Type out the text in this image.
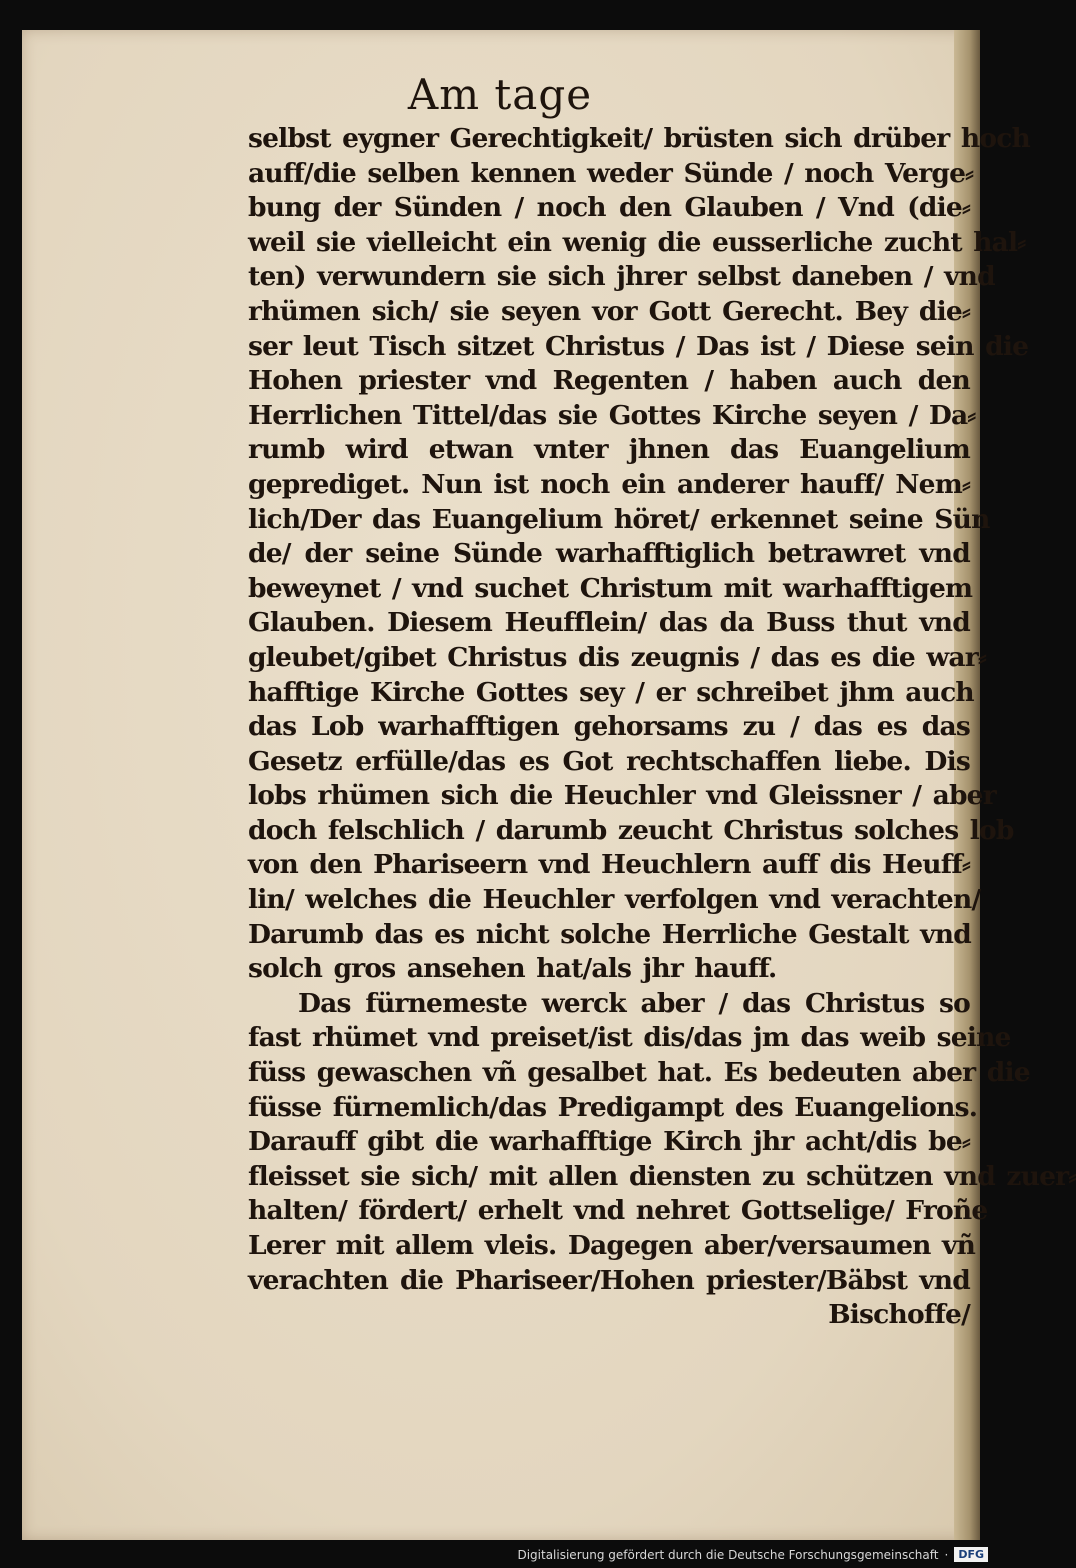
Am tage
selbst eygner Gerechtigkeit/ brüsten sich drüber hoch
auff/die selben kennen weder Sünde / noch Verge⸗
bung der Sünden / noch den Glauben / Vnd (die⸗
weil sie vielleicht ein wenig die eusserliche zucht hal⸗
ten) verwundern sie sich jhrer selbst daneben / vnd
rhümen sich/ sie seyen vor Gott Gerecht. Bey die⸗
ser leut Tisch sitzet Christus / Das ist / Diese sein die
Hohen priester vnd Regenten / haben auch den
Herrlichen Tittel/das sie Gottes Kirche seyen / Da⸗
rumb wird etwan vnter jhnen das Euangelium
geprediget. Nun ist noch ein anderer hauff/ Nem⸗
lich/Der das Euangelium höret/ erkennet seine Sün
de/ der seine Sünde warhafftiglich betrawret vnd
beweynet / vnd suchet Christum mit warhafftigem
Glauben. Diesem Heufflein/ das da Buss thut vnd
gleubet/gibet Christus dis zeugnis / das es die war⸗
hafftige Kirche Gottes sey / er schreibet jhm auch
das Lob warhafftigen gehorsams zu / das es das
Gesetz erfülle/das es Got rechtschaffen liebe. Dis
lobs rhümen sich die Heuchler vnd Gleissner / aber
doch felschlich / darumb zeucht Christus solches lob
von den Phariseern vnd Heuchlern auff dis Heuff⸗
lin/ welches die Heuchler verfolgen vnd verachten/
Darumb das es nicht solche Herrliche Gestalt vnd
solch gros ansehen hat/als jhr hauff.
Das fürnemeste werck aber / das Christus so
fast rhümet vnd preiset/ist dis/das jm das weib seine
füss gewaschen vñ gesalbet hat. Es bedeuten aber die
füsse fürnemlich/das Predigampt des Euangelions.
Darauff gibt die warhafftige Kirch jhr acht/dis be⸗
fleisset sie sich/ mit allen diensten zu schützen vnd zuer⸗
halten/ fördert/ erhelt vnd nehret Gottselige/ Froñe
Lerer mit allem vleis. Dagegen aber/versaumen vñ
verachten die Phariseer/Hohen priester/Bäbst vnd
Bischoffe/
Digitalisierung gefördert durch die Deutsche Forschungsgemeinschaft · DFG
